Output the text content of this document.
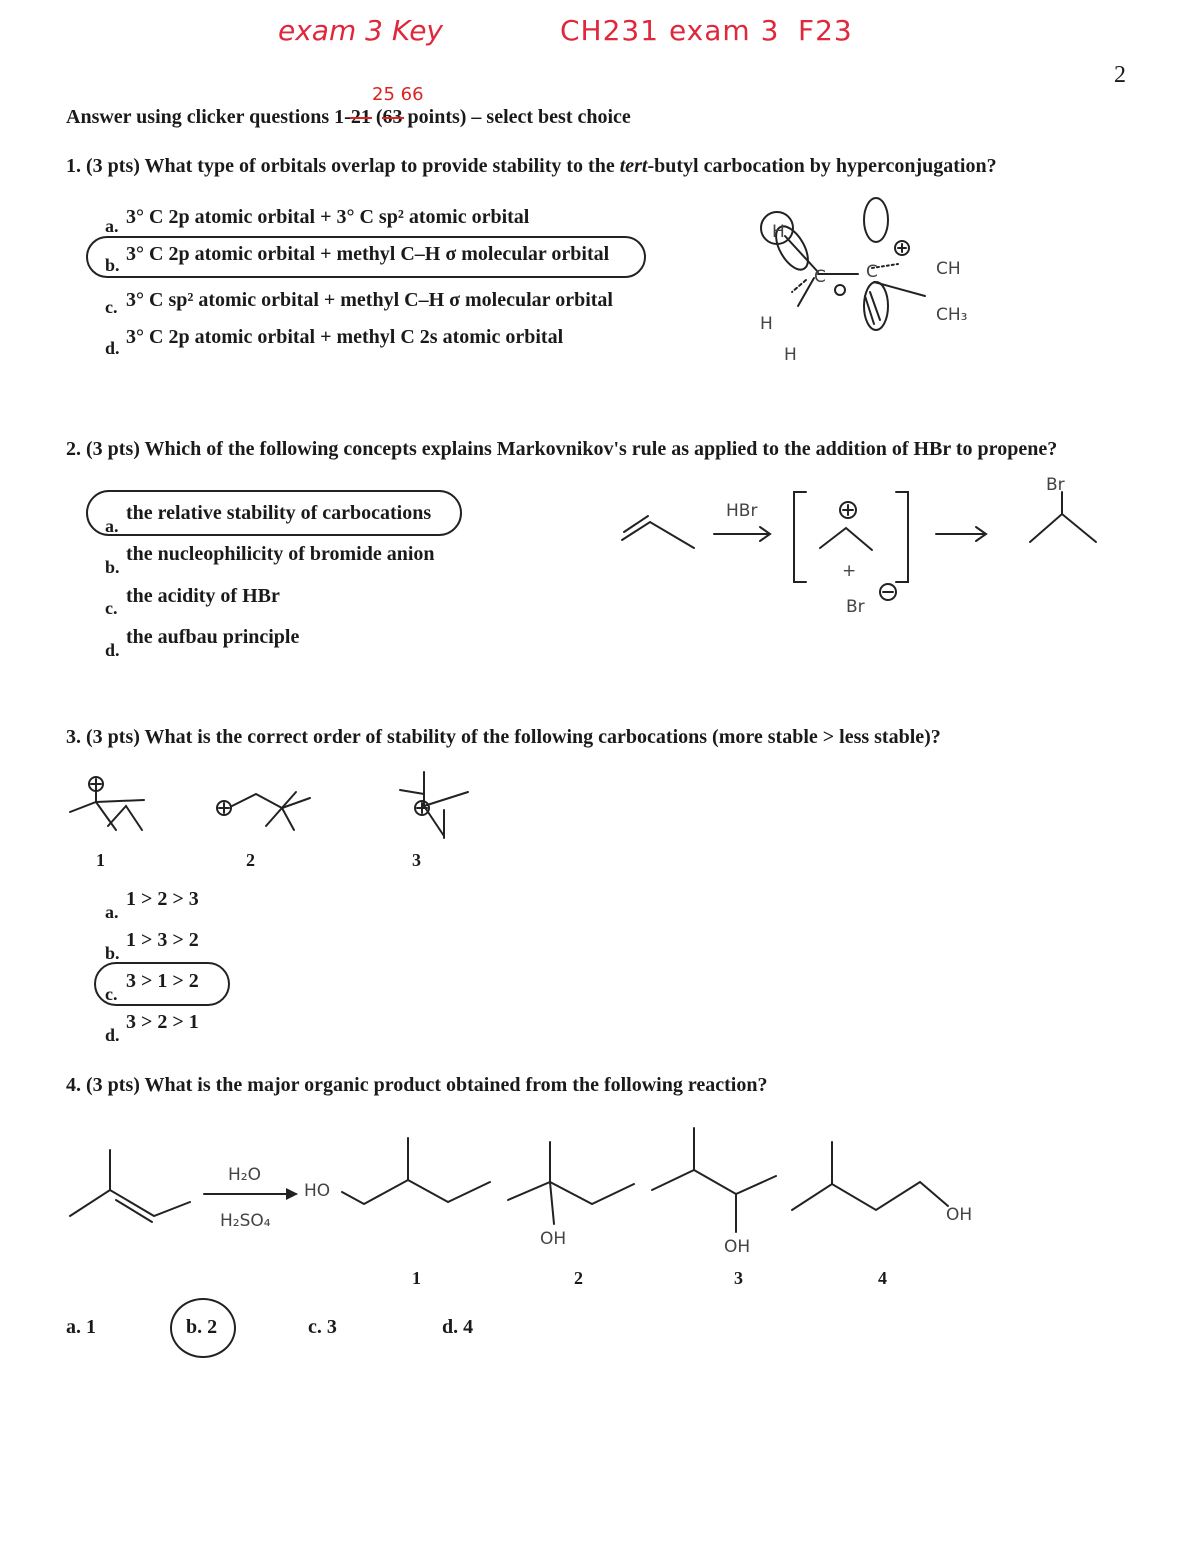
exam 3 Key	CH231 exam 3 F23
2
25 66
Answer using clicker questions 1-21 (63 points) – select best choice
1. (3 pts) What type of orbitals overlap to provide stability to the tert-butyl carbocation by hyperconjugation?
a. 3° C 2p atomic orbital + 3° C sp² atomic orbital
b. 3° C 2p atomic orbital + methyl C–H σ molecular orbital
c. 3° C sp² atomic orbital + methyl C–H σ molecular orbital
d. 3° C 2p atomic orbital + methyl C 2s atomic orbital
H
H
H
C
C	CH
CH₃
2. (3 pts) Which of the following concepts explains Markovnikov's rule as applied to the addition of HBr to propene?
a.
the relative stability of carbocations
b.
the nucleophilicity of bromide anion
c.
the acidity of HBr
d.
the aufbau principle
HBr
+
Br
Br
3. (3 pts) What is the correct order of stability of the following carbocations (more stable > less stable)?
1	2	3
a.
1 > 2 > 3
b.
1 > 3 > 2
c.
3 > 1 > 2
d.
3 > 2 > 1
4. (3 pts) What is the major organic product obtained from the following reaction?
H₂O
H₂SO₄
HO
OH	OH
OH
1	2	3	4
a. 1	b. 2	c. 3	d. 4
